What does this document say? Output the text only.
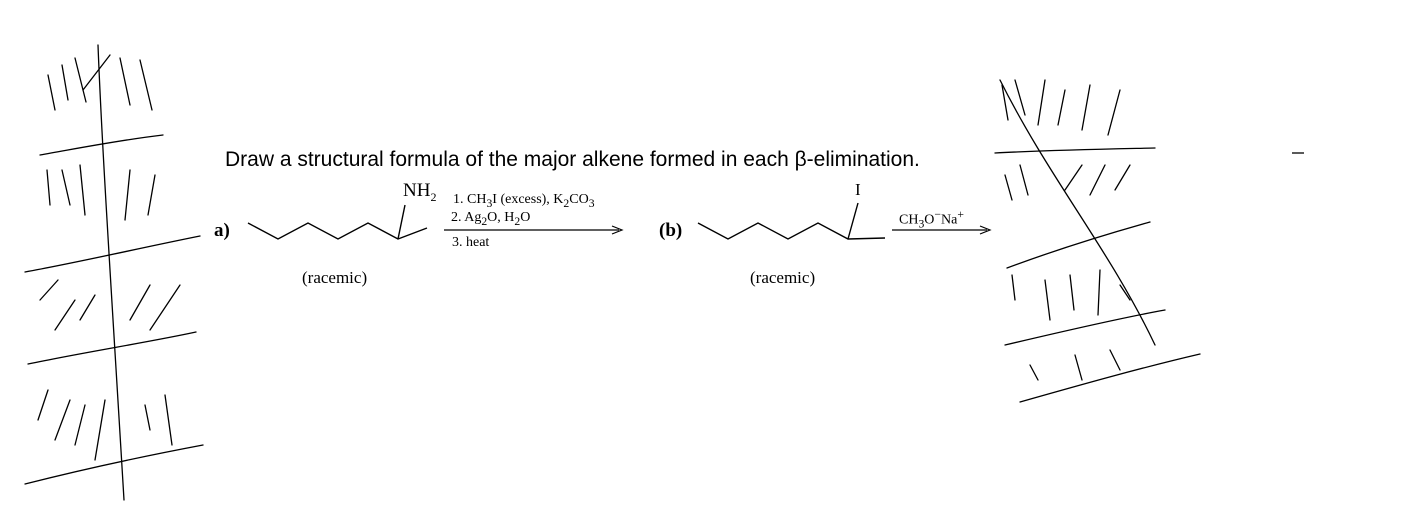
Draw a structural formula of the major alkene formed in each β-elimination.
a)
$NH_2$ 1. $CH_3I$ (excess), $K_2CO_3$
2. $Ag_2O$, $H_2O$
3. heat
(racemic)
(b)
I
$CH_3O^-Na^+$
(racemic)
